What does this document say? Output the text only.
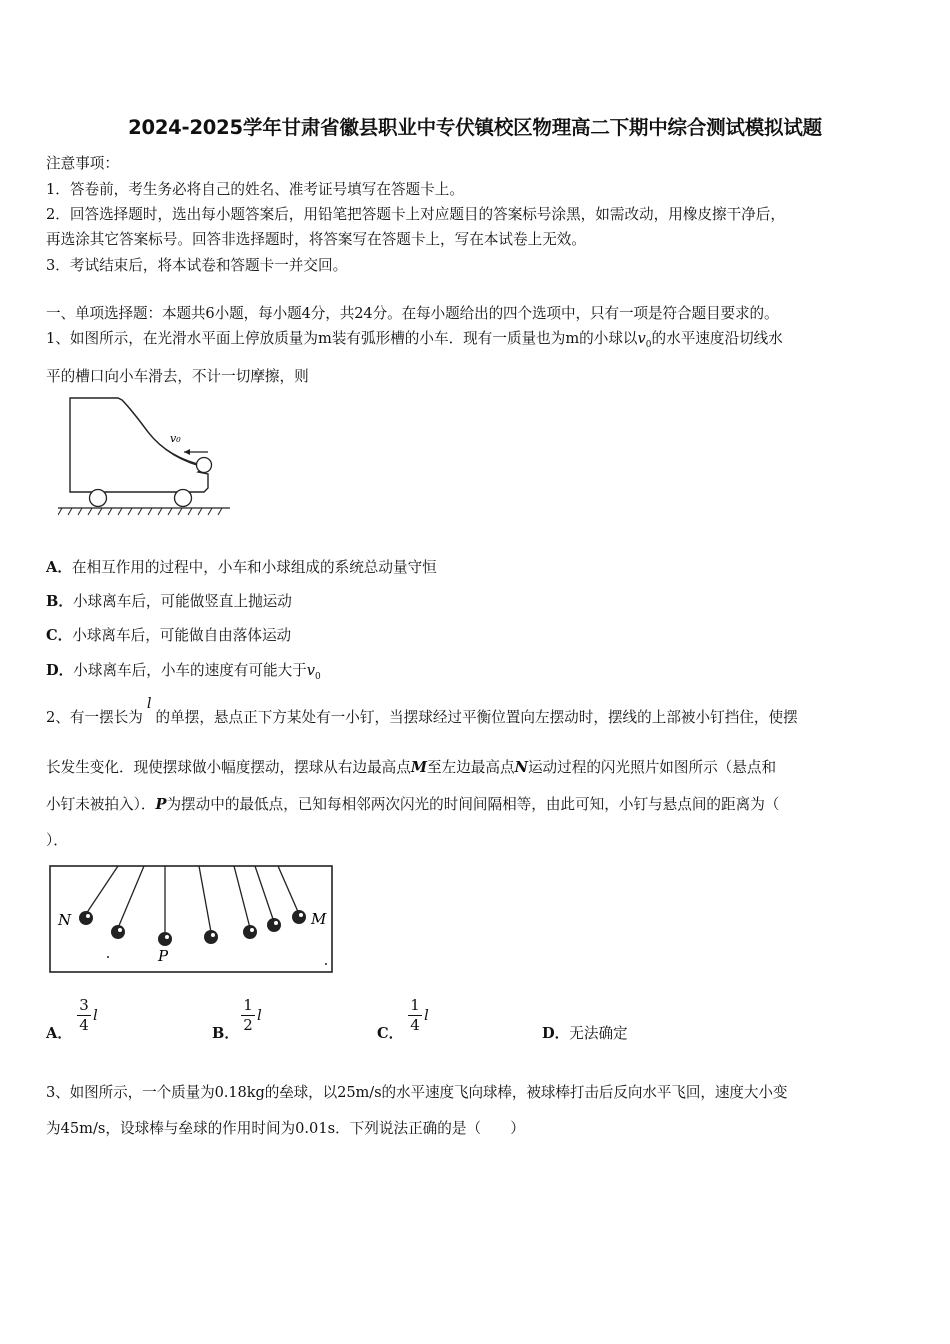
2024-2025学年甘肃省徽县职业中专伏镇校区物理高二下期中综合测试模拟试题
注意事项：
1．答卷前，考生务必将自己的姓名、准考证号填写在答题卡上。
2．回答选择题时，选出每小题答案后，用铅笔把答题卡上对应题目的答案标号涂黑，如需改动，用橡皮擦干净后，
再选涂其它答案标号。回答非选择题时，将答案写在答题卡上，写在本试卷上无效。
3．考试结束后，将本试卷和答题卡一并交回。
一、单项选择题：本题共6小题，每小题4分，共24分。在每小题给出的四个选项中，只有一项是符合题目要求的。
1、如图所示，在光滑水平面上停放质量为m装有弧形槽的小车．现有一质量也为m的小球以$v_0$的水平速度沿切线水
平的槽口向小车滑去，不计一切摩擦，则
v₀
A．在相互作用的过程中，小车和小球组成的系统总动量守恒
B．小球离车后，可能做竖直上抛运动
C．小球离车后，可能做自由落体运动
D．小球离车后，小车的速度有可能大于$v_0$
2、有一摆长为l的单摆，悬点正下方某处有一小钉，当摆球经过平衡位置向左摆动时，摆线的上部被小钉挡住，使摆
长发生变化．现使摆球做小幅度摆动，摆球从右边最高点M至左边最高点N运动过程的闪光照片如图所示（悬点和
小钉未被拍入）．P为摆动中的最低点，已知每相邻两次闪光的时间间隔相等，由此可知，小钉与悬点间的距离为（
）．
N
P
M
A．
3
4
l
B．
1
2
l
C．
1
4
l
D．无法确定
3、如图所示，一个质量为0.18kg的垒球，以25m/s的水平速度飞向球棒，被球棒打击后反向水平飞回，速度大小变
为45m/s，设球棒与垒球的作用时间为0.01s．下列说法正确的是（　　）
